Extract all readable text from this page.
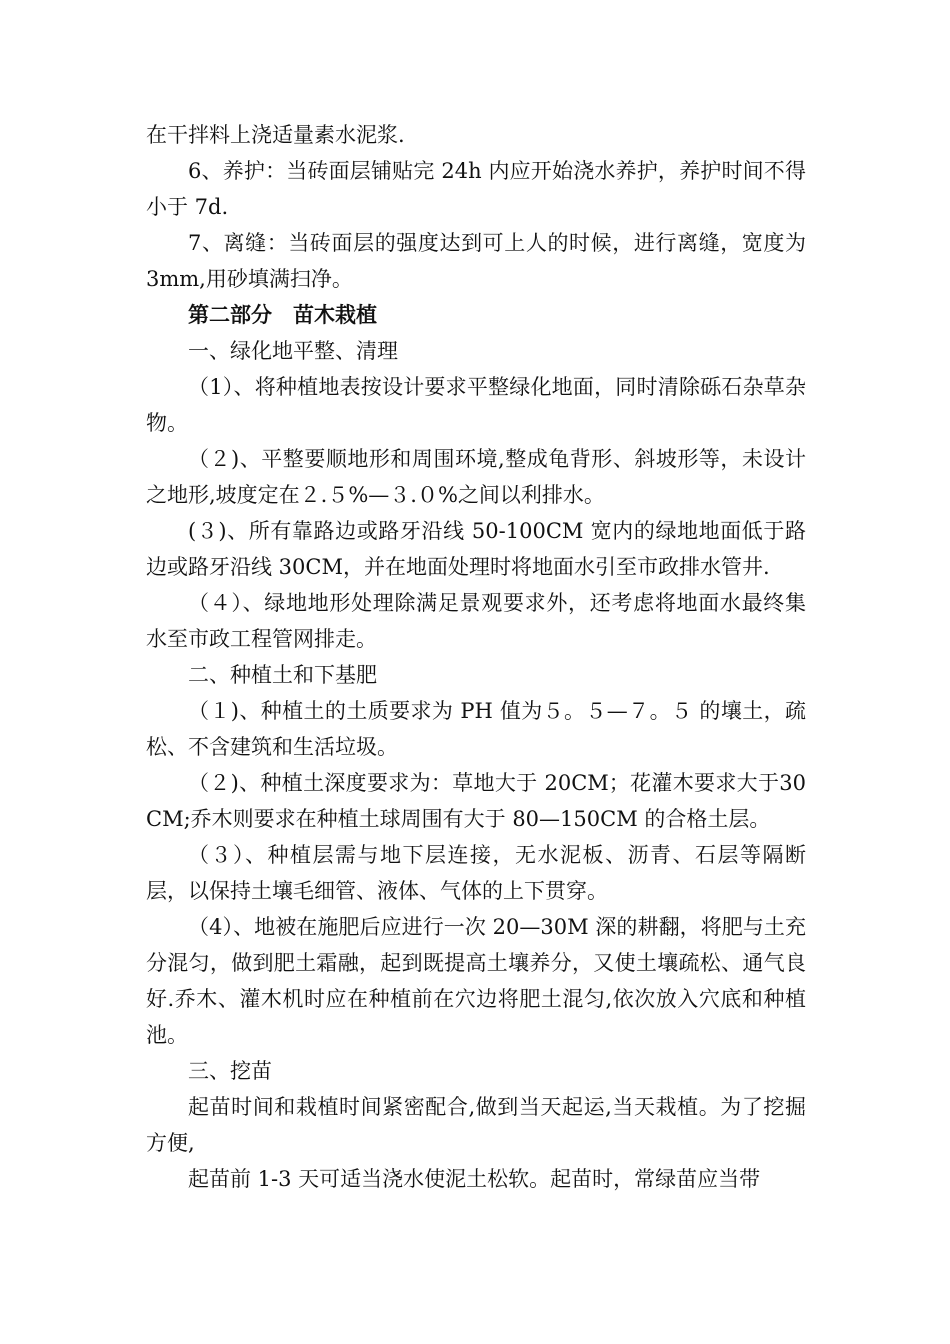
在干拌料上浇适量素水泥浆.

6、养护：当砖面层铺贴完 24h 内应开始浇水养护，养护时间不得小于 7d.

7、离缝：当砖面层的强度达到可上人的时候，进行离缝，宽度为 3mm,用砂填满扫净。

第二部分　苗木栽植

一、绿化地平整、清理

（1）、将种植地表按设计要求平整绿化地面，同时清除砾石杂草杂物。

（２)、平整要顺地形和周围环境,整成龟背形、斜坡形等，未设计之地形,坡度定在２.５%—３.０%之间以利排水。

(３)、所有靠路边或路牙沿线 50-100CM 宽内的绿地地面低于路边或路牙沿线 30CM，并在地面处理时将地面水引至市政排水管井.

（４）、绿地地形处理除满足景观要求外，还考虑将地面水最终集水至市政工程管网排走。

二、种植土和下基肥

（１)、种植土的土质要求为 PH 值为５。５—７。５ 的壤土，疏松、不含建筑和生活垃圾。

（２)、种植土深度要求为：草地大于 20CM；花灌木要求大于30CM;乔木则要求在种植土球周围有大于 80—150CM 的合格土层。

（３）、种植层需与地下层连接，无水泥板、沥青、石层等隔断层，以保持土壤毛细管、液体、气体的上下贯穿。

（4）、地被在施肥后应进行一次 20—30M 深的耕翻，将肥与土充分混匀，做到肥土霜融，起到既提高土壤养分，又使土壤疏松、通气良好.乔木、灌木机时应在种植前在穴边将肥土混匀,依次放入穴底和种植池。

三、挖苗

起苗时间和栽植时间紧密配合,做到当天起运,当天栽植。为了挖掘方便,

起苗前 1-3 天可适当浇水使泥土松软。起苗时，常绿苗应当带
